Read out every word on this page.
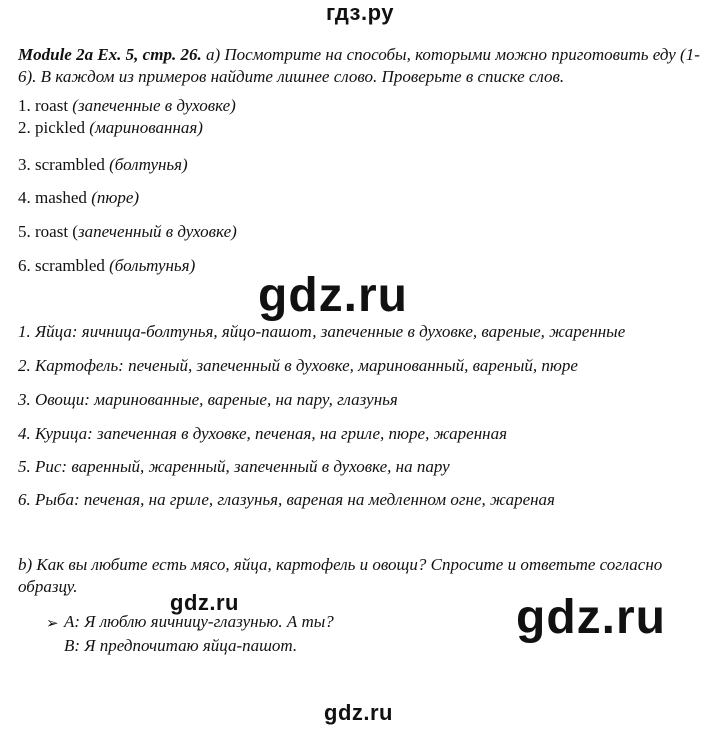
гдз.ру
Module 2a Ex. 5, стр. 26. а) Посмотрите на способы, которыми можно приготовить еду (1-6). В каждом из примеров найдите лишнее слово. Проверьте в списке слов.
1. roast (запеченные в духовке)
2. pickled (маринованная)
3. scrambled (болтунья)
4. mashed (пюре)
5. roast (запеченный в духовке)
6. scrambled (больтунья)
gdz.ru
1. Яйца: яичница-болтунья, яйцо-пашот, запеченные в духовке, вареные, жаренные
2. Картофель: печеный, запеченный в духовке, маринованный, вареный, пюре
3. Овощи: маринованные, вареные, на пару, глазунья
4. Курица: запеченная в духовке, печеная, на гриле, пюре, жаренная
5. Рис: варенный, жаренный, запеченный в духовке, на пару
6. Рыба: печеная, на гриле, глазунья, вареная на медленном огне, жареная
b) Как вы любите есть мясо, яйца, картофель и овощи? Спросите и ответьте согласно образцу.
gdz.ru	gdz.ru
➢ А: Я люблю яичницу-глазунью. А ты?
В: Я предпочитаю яйца-пашот.
gdz.ru
